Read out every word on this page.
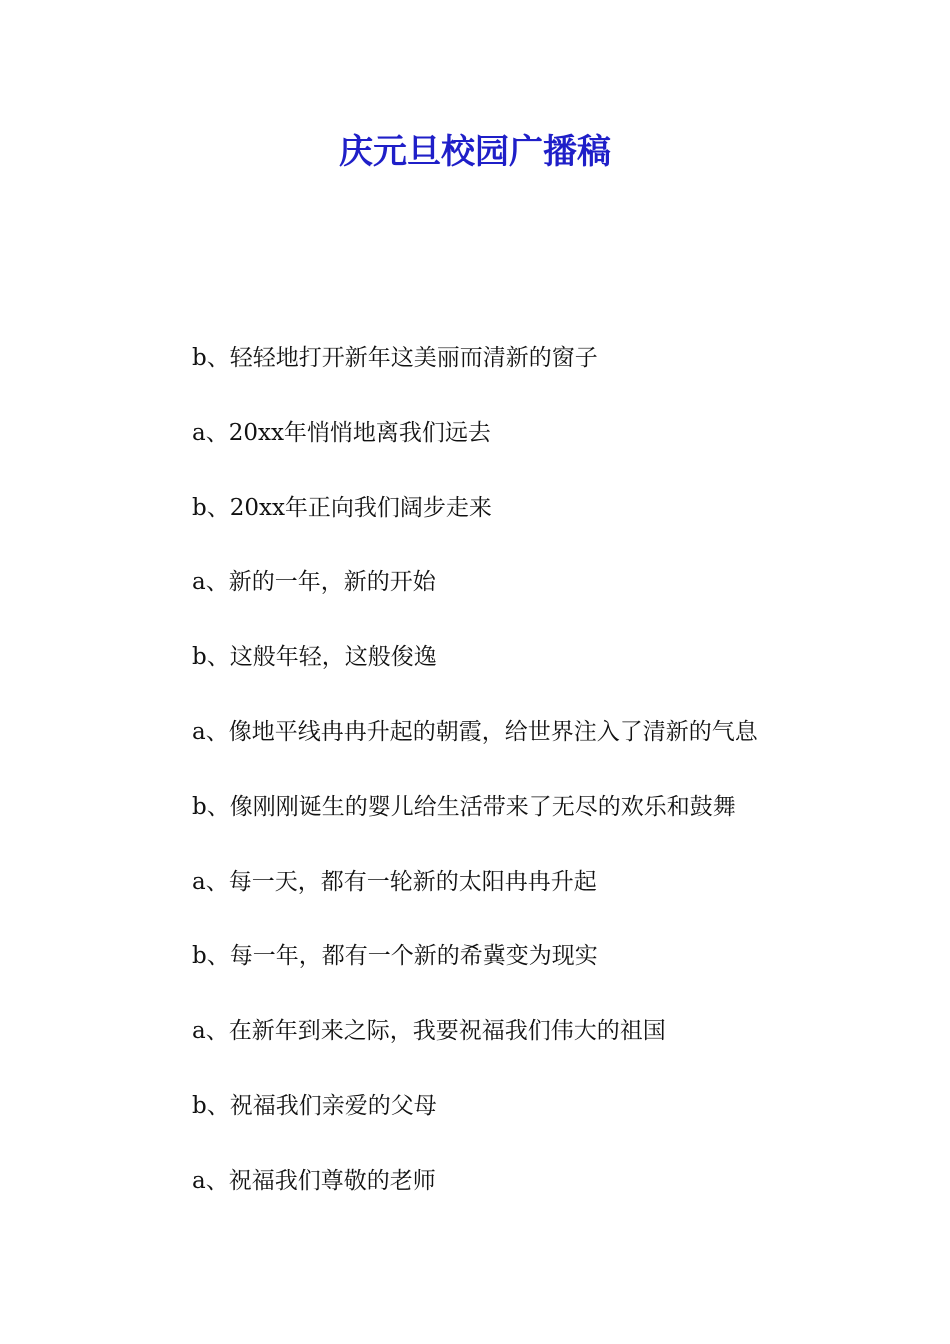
庆元旦校园广播稿
b、轻轻地打开新年这美丽而清新的窗子
a、20xx年悄悄地离我们远去
b、20xx年正向我们阔步走来
a、新的一年，新的开始
b、这般年轻，这般俊逸
a、像地平线冉冉升起的朝霞，给世界注入了清新的气息
b、像刚刚诞生的婴儿给生活带来了无尽的欢乐和鼓舞
a、每一天，都有一轮新的太阳冉冉升起
b、每一年，都有一个新的希冀变为现实
a、在新年到来之际，我要祝福我们伟大的祖国
b、祝福我们亲爱的父母
a、祝福我们尊敬的老师
